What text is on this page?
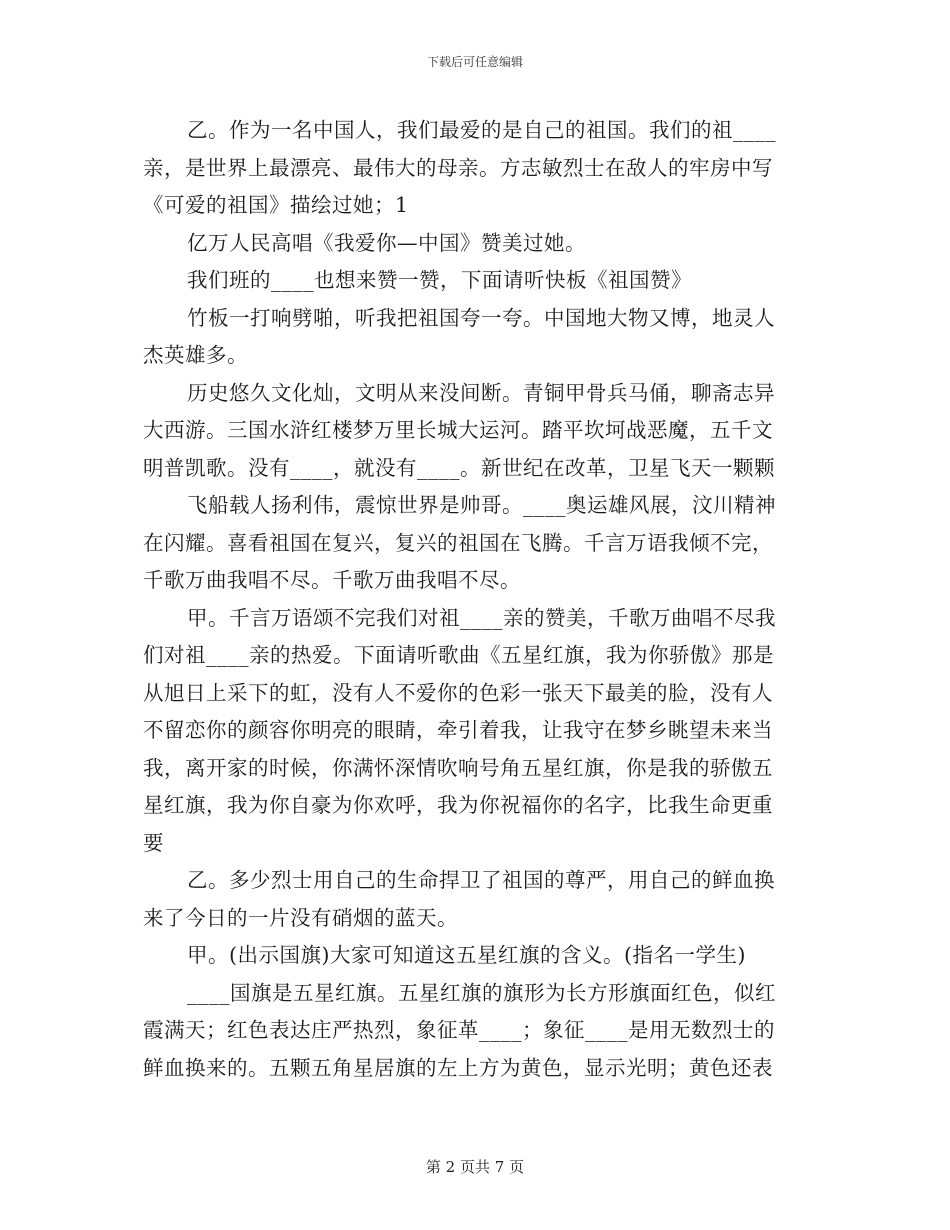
下载后可任意编辑
乙。作为一名中国人，我们最爱的是自己的祖国。我们的祖____
亲，是世界上最漂亮、最伟大的母亲。方志敏烈士在敌人的牢房中写
《可爱的祖国》描绘过她；1
亿万人民高唱《我爱你—中国》赞美过她。
我们班的____也想来赞一赞，下面请听快板《祖国赞》
竹板一打响劈啪，听我把祖国夸一夸。中国地大物又博，地灵人
杰英雄多。
历史悠久文化灿，文明从来没间断。青铜甲骨兵马俑，聊斋志异
大西游。三国水浒红楼梦万里长城大运河。踏平坎坷战恶魔，五千文
明普凯歌。没有____，就没有____。新世纪在改革，卫星飞天一颗颗
飞船载人扬利伟，震惊世界是帅哥。____奥运雄风展，汶川精神
在闪耀。喜看祖国在复兴，复兴的祖国在飞腾。千言万语我倾不完，
千歌万曲我唱不尽。千歌万曲我唱不尽。
甲。千言万语颂不完我们对祖____亲的赞美，千歌万曲唱不尽我
们对祖____亲的热爱。下面请听歌曲《五星红旗，我为你骄傲》那是
从旭日上采下的虹，没有人不爱你的色彩一张天下最美的脸，没有人
不留恋你的颜容你明亮的眼睛，牵引着我，让我守在梦乡眺望未来当
我，离开家的时候，你满怀深情吹响号角五星红旗，你是我的骄傲五
星红旗，我为你自豪为你欢呼，我为你祝福你的名字，比我生命更重
要
乙。多少烈士用自己的生命捍卫了祖国的尊严，用自己的鲜血换
来了今日的一片没有硝烟的蓝天。
甲。(出示国旗)大家可知道这五星红旗的含义。(指名一学生)
____国旗是五星红旗。五星红旗的旗形为长方形旗面红色，似红
霞满天；红色表达庄严热烈，象征革____；象征____是用无数烈士的
鲜血换来的。五颗五角星居旗的左上方为黄色，显示光明；黄色还表
第 2 页共 7 页
